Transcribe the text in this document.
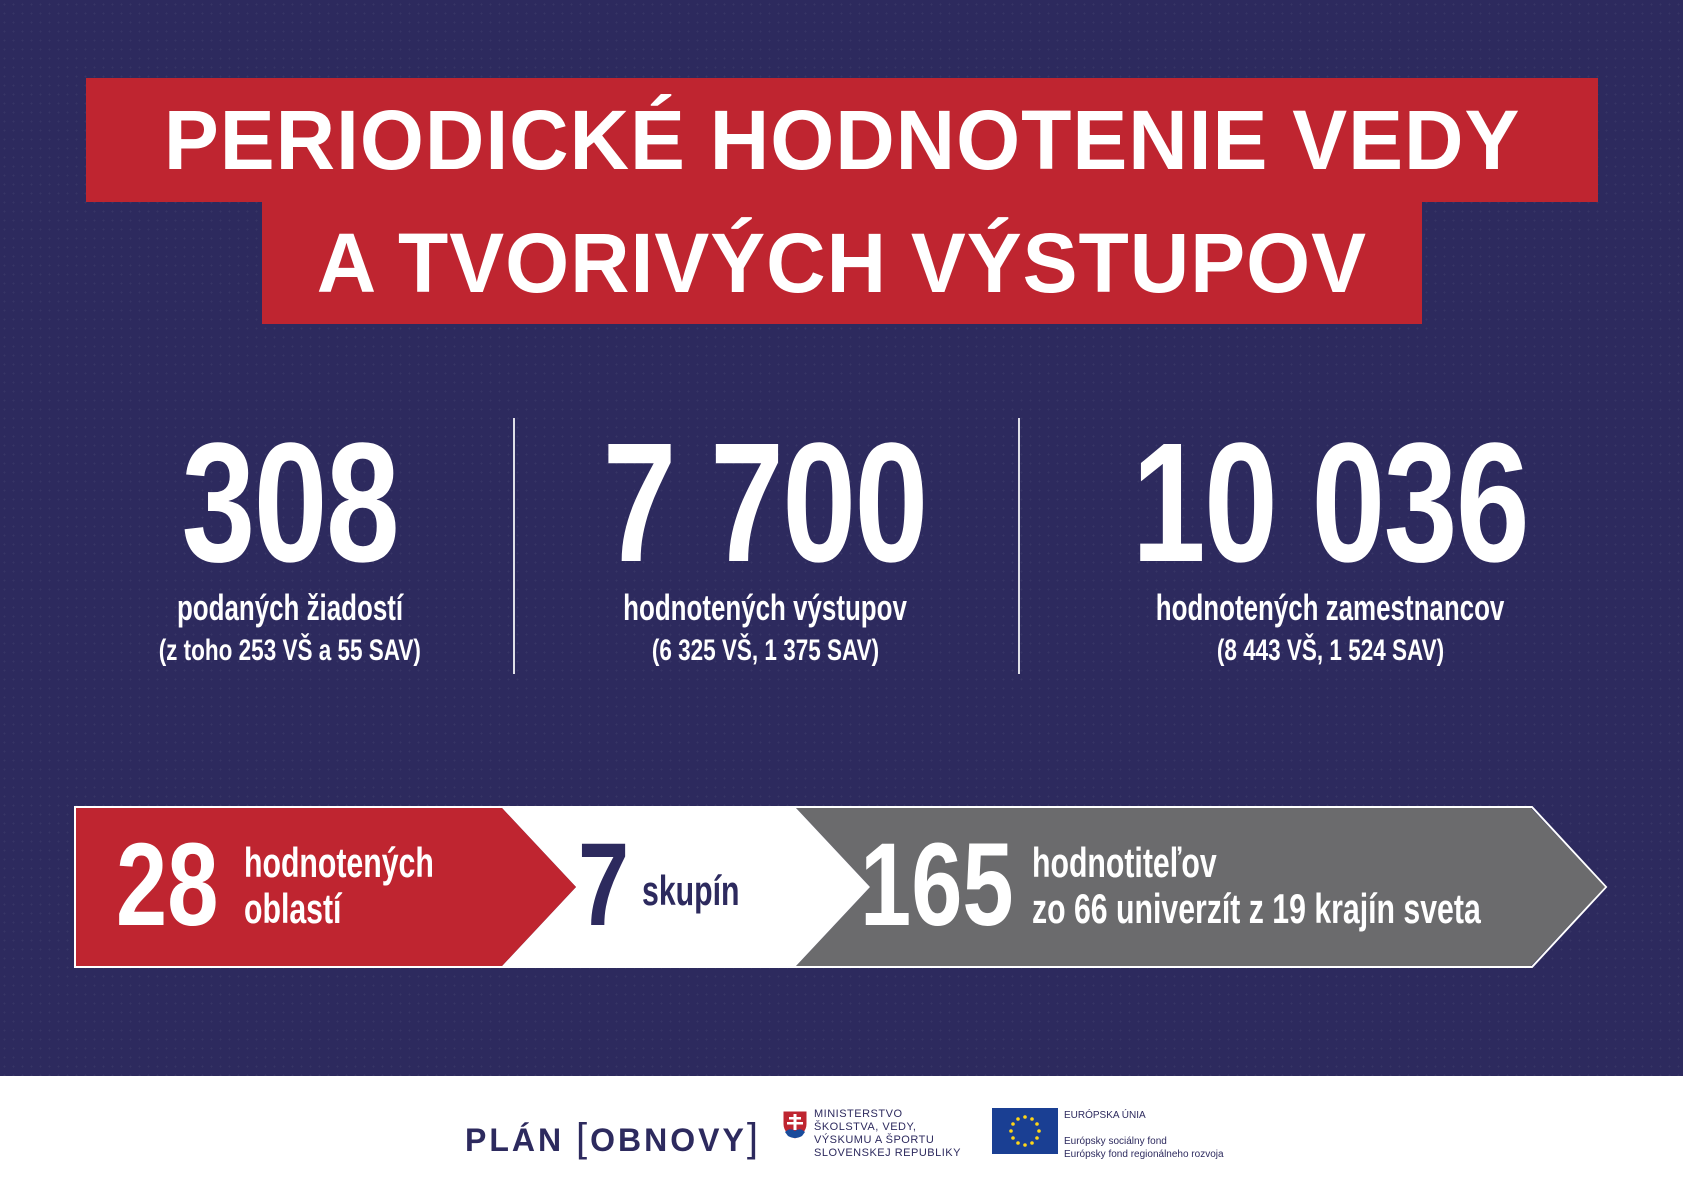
PERIODICKÉ HODNOTENIE VEDY
A TVORIVÝCH VÝSTUPOV
308
podaných žiadostí
(z toho 253 VŠ a 55 SAV)
7 700
hodnotených výstupov
(6 325 VŠ, 1 375 SAV)
10 036
hodnotených zamestnancov
(8 443 VŠ, 1 524 SAV)
28 hodnotených
oblastí	7 skupín	165 hodnotiteľov
zo 66 univerzít z 19 krajín sveta
PLÁN [OBNOVY]
MINISTERSTVO
ŠKOLSTVA, VEDY,
VÝSKUMU A ŠPORTU
SLOVENSKEJ REPUBLIKY
EURÓPSKA ÚNIA

Európsky sociálny fond
Európsky fond regionálneho rozvoja
